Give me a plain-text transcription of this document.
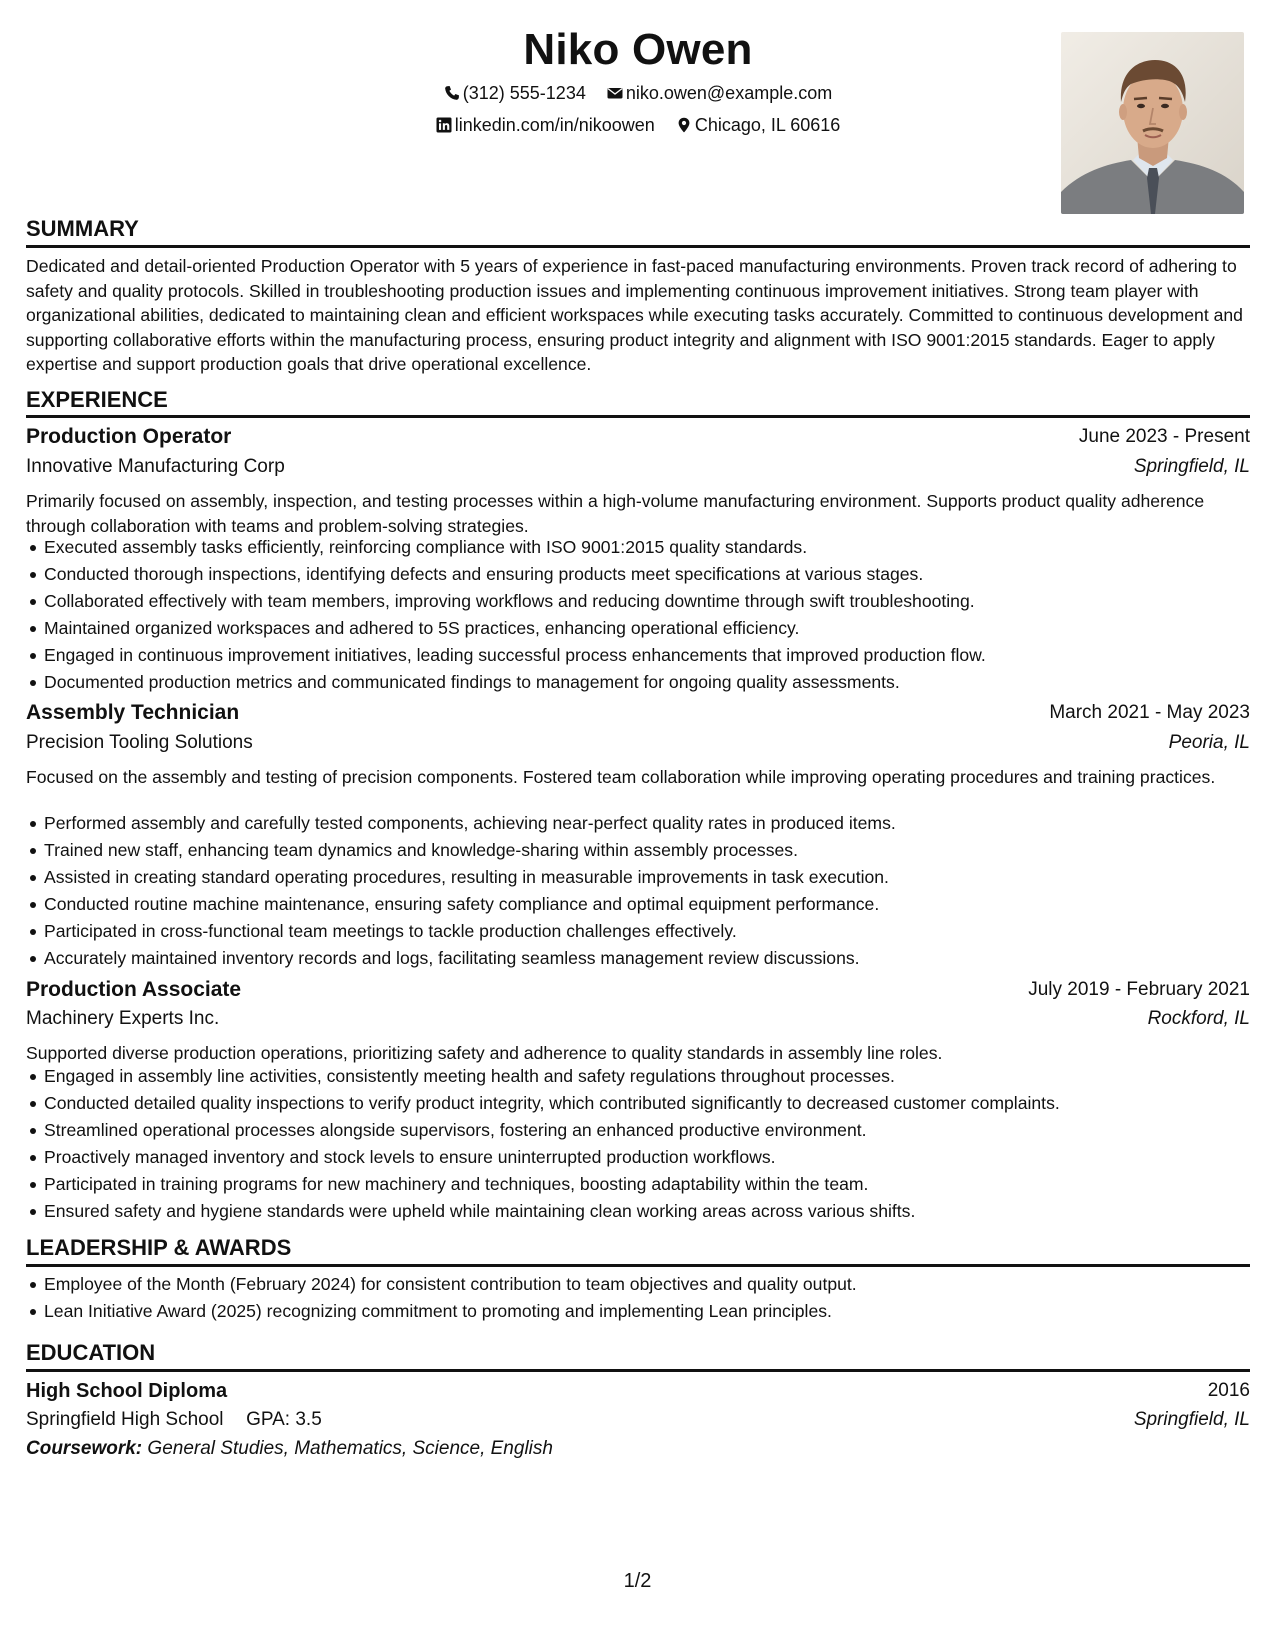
Niko Owen
(312) 555-1234
niko.owen@example.com
linkedin.com/in/nikoowen
Chicago, IL 60616
SUMMARY
Dedicated and detail-oriented Production Operator with 5 years of experience in fast-paced manufacturing environments. Proven track record of adhering to safety and quality protocols. Skilled in troubleshooting production issues and implementing continuous improvement initiatives. Strong team player with organizational abilities, dedicated to maintaining clean and efficient workspaces while executing tasks accurately. Committed to continuous development and supporting collaborative efforts within the manufacturing process, ensuring product integrity and alignment with ISO 9001:2015 standards. Eager to apply expertise and support production goals that drive operational excellence.
EXPERIENCE
Production Operator	June 2023 - Present
Innovative Manufacturing Corp	Springfield, IL
Primarily focused on assembly, inspection, and testing processes within a high-volume manufacturing environment. Supports product quality adherence through collaboration with teams and problem-solving strategies.
Executed assembly tasks efficiently, reinforcing compliance with ISO 9001:2015 quality standards.
Conducted thorough inspections, identifying defects and ensuring products meet specifications at various stages.
Collaborated effectively with team members, improving workflows and reducing downtime through swift troubleshooting.
Maintained organized workspaces and adhered to 5S practices, enhancing operational efficiency.
Engaged in continuous improvement initiatives, leading successful process enhancements that improved production flow.
Documented production metrics and communicated findings to management for ongoing quality assessments.
Assembly Technician	March 2021 - May 2023
Precision Tooling Solutions	Peoria, IL
Focused on the assembly and testing of precision components. Fostered team collaboration while improving operating procedures and training practices.
Performed assembly and carefully tested components, achieving near-perfect quality rates in produced items.
Trained new staff, enhancing team dynamics and knowledge-sharing within assembly processes.
Assisted in creating standard operating procedures, resulting in measurable improvements in task execution.
Conducted routine machine maintenance, ensuring safety compliance and optimal equipment performance.
Participated in cross-functional team meetings to tackle production challenges effectively.
Accurately maintained inventory records and logs, facilitating seamless management review discussions.
Production Associate	July 2019 - February 2021
Machinery Experts Inc.	Rockford, IL
Supported diverse production operations, prioritizing safety and adherence to quality standards in assembly line roles.
Engaged in assembly line activities, consistently meeting health and safety regulations throughout processes.
Conducted detailed quality inspections to verify product integrity, which contributed significantly to decreased customer complaints.
Streamlined operational processes alongside supervisors, fostering an enhanced productive environment.
Proactively managed inventory and stock levels to ensure uninterrupted production workflows.
Participated in training programs for new machinery and techniques, boosting adaptability within the team.
Ensured safety and hygiene standards were upheld while maintaining clean working areas across various shifts.
LEADERSHIP & AWARDS
Employee of the Month (February 2024) for consistent contribution to team objectives and quality output.
Lean Initiative Award (2025) recognizing commitment to promoting and implementing Lean principles.
EDUCATION
High School Diploma	2016
Springfield High School GPA: 3.5	Springfield, IL
Coursework: General Studies, Mathematics, Science, English
1/2
